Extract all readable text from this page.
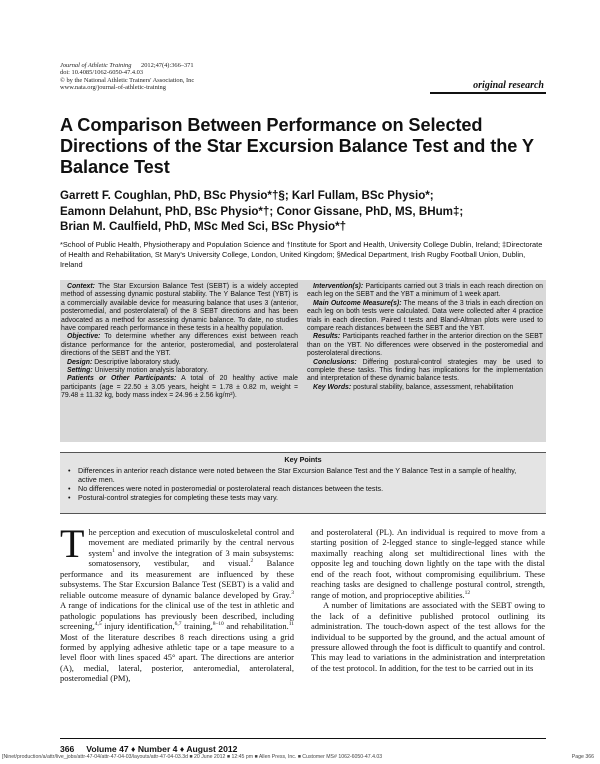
Journal of Athletic Training 2012;47(4):366–371
doi: 10.4085/1062-6050-47.4.03
© by the National Athletic Trainers' Association, Inc
www.nata.org/journal-of-athletic-training	original research
A Comparison Between Performance on Selected Directions of the Star Excursion Balance Test and the Y Balance Test
Garrett F. Coughlan, PhD, BSc Physio*†§; Karl Fullam, BSc Physio*;
Eamonn Delahunt, PhD, BSc Physio*†; Conor Gissane, PhD, MS, BHum‡;
Brian M. Caulfield, PhD, MSc Med Sci, BSc Physio*†
*School of Public Health, Physiotherapy and Population Science and †Institute for Sport and Health, University College Dublin, Ireland; ‡Directorate of Health and Rehabilitation, St Mary's University College, London, United Kingdom; §Medical Department, Irish Rugby Football Union, Dublin, Ireland

Context: The Star Excursion Balance Test (SEBT) is a widely accepted method of assessing dynamic postural stability. The Y Balance Test (YBT) is a commercially available device for measuring balance that uses 3 (anterior, posteromedial, and posterolateral) of the 8 SEBT directions and has been advocated as a method for assessing dynamic balance. To date, no studies have compared reach performance in these tests in a healthy population.

Objective: To determine whether any differences exist between reach distance performance for the anterior, posteromedial, and posterolateral directions of the SEBT and the YBT.

Design: Descriptive laboratory study.

Setting: University motion analysis laboratory.

Patients or Other Participants: A total of 20 healthy active male participants (age = 22.50 ± 3.05 years, height = 1.78 ± 0.82 m, weight = 79.48 ± 11.32 kg, body mass index = 24.96 ± 2.56 kg/m²).

Intervention(s): Participants carried out 3 trials in each reach direction on each leg on the SEBT and the YBT a minimum of 1 week apart.

Main Outcome Measure(s): The means of the 3 trials in each direction on each leg on both tests were calculated. Data were collected after 4 practice trials in each direction. Paired t tests and Bland-Altman plots were used to compare reach distances between the SEBT and the YBT.

Results: Participants reached farther in the anterior direction on the SEBT than on the YBT. No differences were observed in the posteromedial and posterolateral directions.

Conclusions: Differing postural-control strategies may be used to complete these tasks. This finding has implications for the implementation and interpretation of these dynamic balance tests.

Key Words: postural stability, balance, assessment, rehabilitation

Key Points
• Differences in anterior reach distance were noted between the Star Excursion Balance Test and the Y Balance Test in a sample of healthy, active men.
• No differences were noted in posteromedial or posterolateral reach distances between the tests.
• Postural-control strategies for completing these tests may vary.

The perception and execution of musculoskeletal control and movement are mediated primarily by the central nervous system$^1$ and involve the integration of 3 main subsystems: somatosensory, vestibular, and visual.$^2$ Balance performance and its measurement are influenced by these subsystems. The Star Excursion Balance Test (SEBT) is a valid and reliable outcome measure of dynamic balance developed by Gray.$^3$ A range of indications for the clinical use of the test in athletic and pathologic populations has previously been described, including screening,$^{4,5}$ injury identification,$^{6,7}$ training,$^{8-10}$ and rehabilitation.$^{11}$ Most of the literature describes 8 reach directions using a grid formed by applying adhesive athletic tape or a tape measure to a level floor with lines spaced 45° apart. The directions are anterior (A), medial, lateral, posterior, anteromedial, anterolateral, posteromedial (PM),

and posterolateral (PL). An individual is required to move from a starting position of 2-legged stance to single-legged stance while maximally reaching along set multidirectional lines with the opposite leg and touching down lightly on the tape with the distal end of the reach foot, without compromising equilibrium. These reaching tasks are designed to challenge postural control, strength, range of motion, and proprioceptive abilities.$^{12}$

A number of limitations are associated with the SEBT owing to the lack of a definitive published protocol outlining its administration. The touch-down aspect of the test allows for the individual to be supported by the ground, and the actual amount of pressure allowed through the foot is difficult to quantify and control. This may lead to variations in the administration and interpretation of the test protocol. In addition, for the test to be carried out in its

366 Volume 47 ♦ Number 4 ♦ August 2012
[Ninet/production/a/attr/live_jobs/attr-47-04/attr-47-04-03/layouts/attr-47-04-03.3d ■ 20 June 2012 ■ 12:45 pm ■ Allen Press, Inc. ■ Customer MS# 1062-6050-47.4.03	Page 366
